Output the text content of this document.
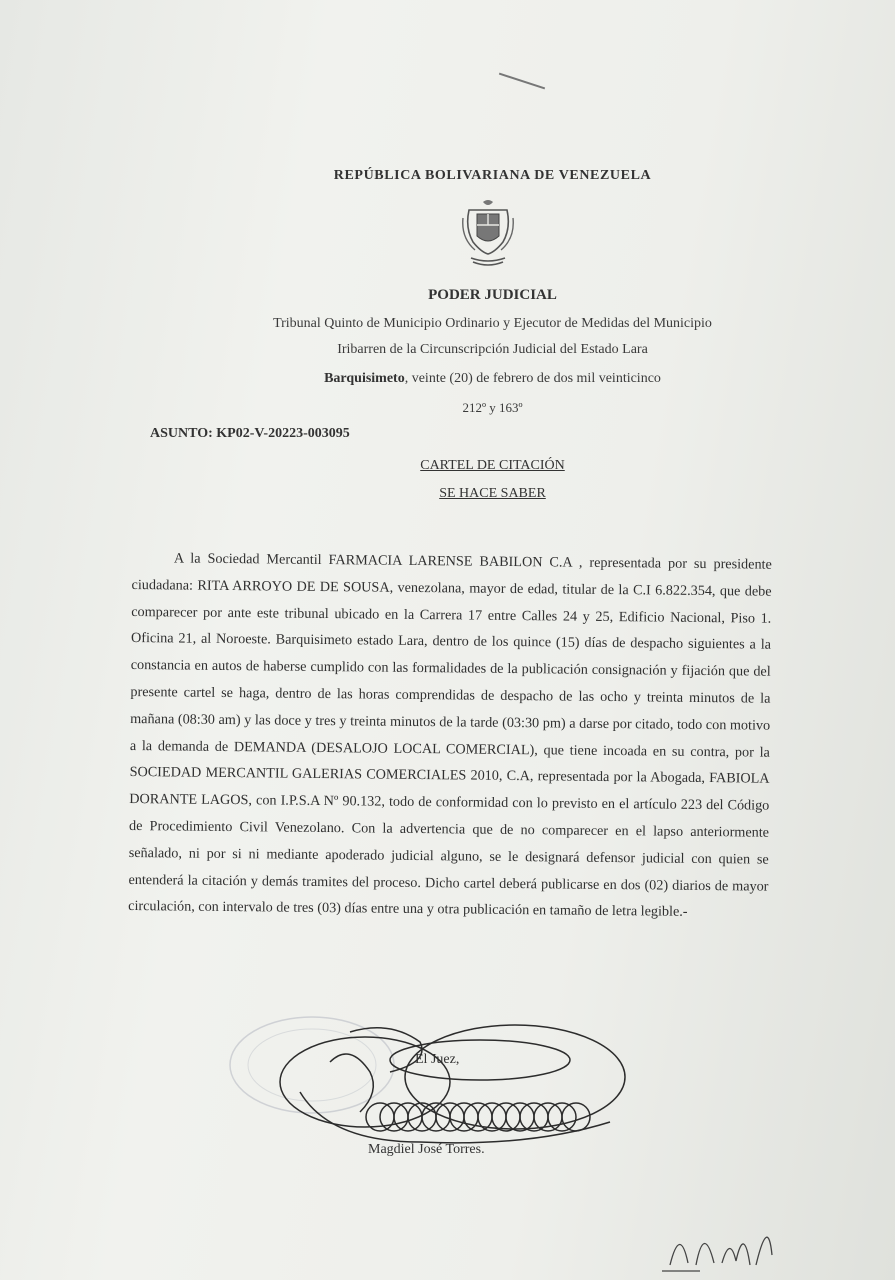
REPÚBLICA BOLIVARIANA DE VENEZUELA
PODER JUDICIAL
Tribunal Quinto de Municipio Ordinario y Ejecutor de Medidas del Municipio
Iribarren de la Circunscripción Judicial del Estado Lara
Barquisimeto, veinte (20) de febrero de dos mil veinticinco
212º y 163º
ASUNTO: KP02-V-20223-003095
CARTEL DE CITACIÓN
SE HACE SABER
A la Sociedad Mercantil FARMACIA LARENSE BABILON C.A , representada por su presidente ciudadana: RITA ARROYO DE DE SOUSA, venezolana, mayor de edad, titular de la C.I 6.822.354, que debe comparecer por ante este tribunal ubicado en la Carrera 17 entre Calles 24 y 25, Edificio Nacional, Piso 1. Oficina 21, al Noroeste. Barquisimeto estado Lara, dentro de los quince (15) días de despacho siguientes a la constancia en autos de haberse cumplido con las formalidades de la publicación consignación y fijación que del presente cartel se haga, dentro de las horas comprendidas de despacho de las ocho y treinta minutos de la mañana (08:30 am) y las doce y tres y treinta minutos de la tarde (03:30 pm) a darse por citado, todo con motivo a la demanda de DEMANDA (DESALOJO LOCAL COMERCIAL), que tiene incoada en su contra, por la SOCIEDAD MERCANTIL GALERIAS COMERCIALES 2010, C.A, representada por la Abogada, FABIOLA DORANTE LAGOS, con I.P.S.A Nº 90.132, todo de conformidad con lo previsto en el artículo 223 del Código de Procedimiento Civil Venezolano. Con la advertencia que de no comparecer en el lapso anteriormente señalado, ni por si ni mediante apoderado judicial alguno, se le designará defensor judicial con quien se entenderá la citación y demás tramites del proceso. Dicho cartel deberá publicarse en dos (02) diarios de mayor circulación, con intervalo de tres (03) días entre una y otra publicación en tamaño de letra legible.-
El Juez,
Magdiel José Torres.
